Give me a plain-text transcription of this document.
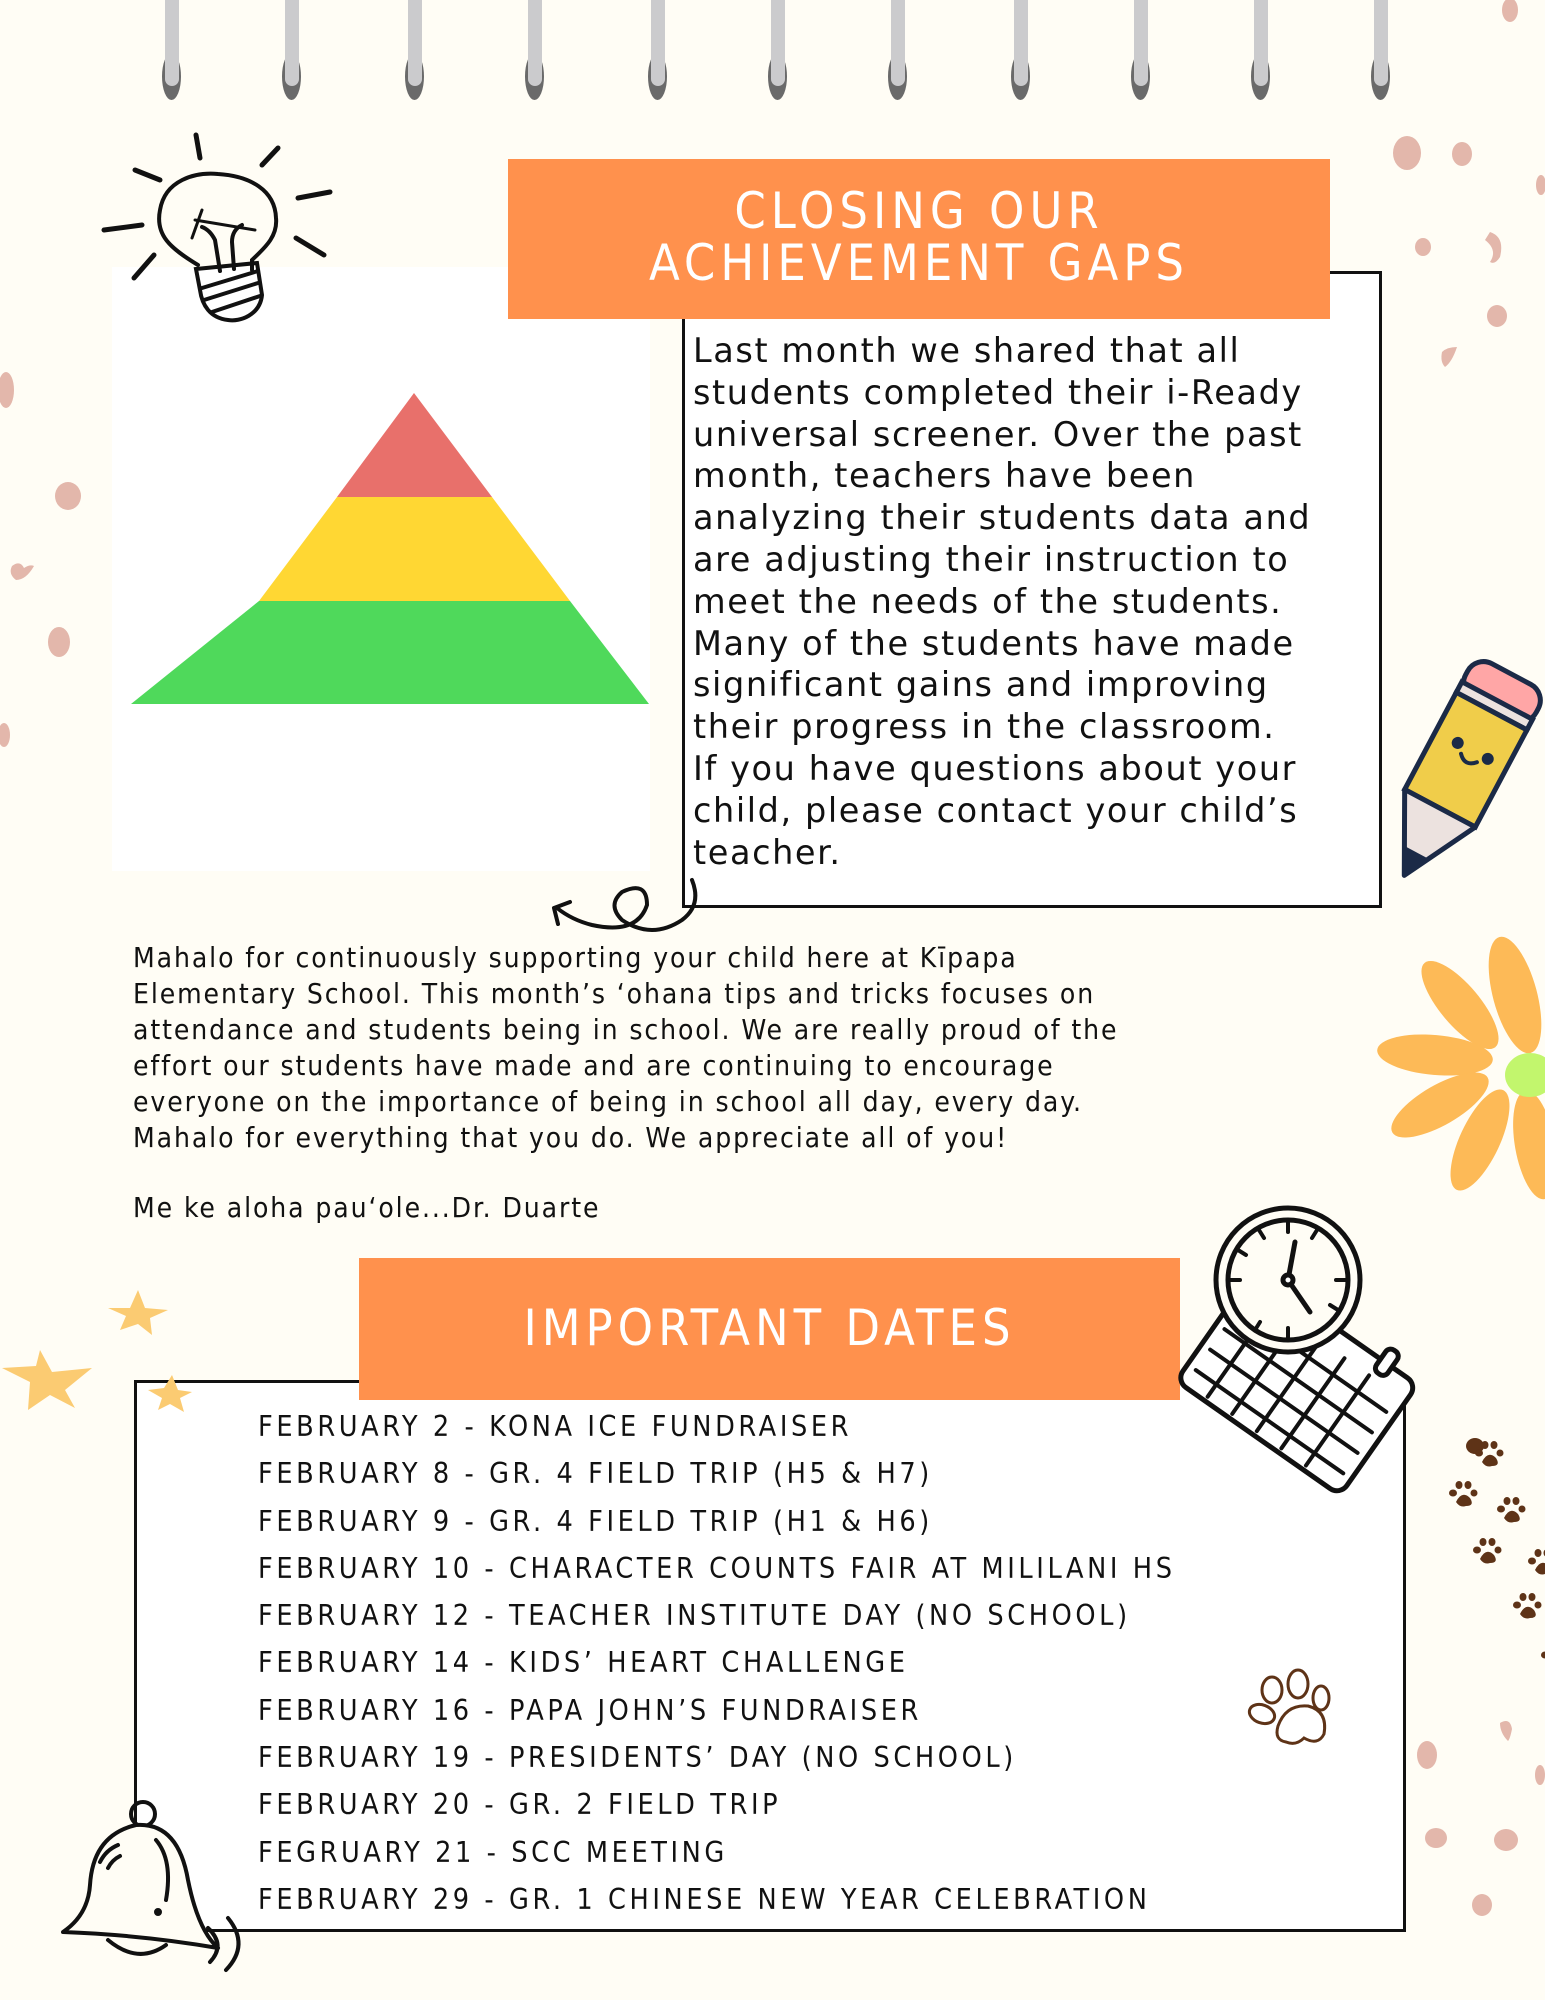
CLOSING OUR
ACHIEVEMENT GAPS
Last month we shared that all
students completed their i-Ready
universal screener. Over the past
month, teachers have been
analyzing their students data and
are adjusting their instruction to
meet the needs of the students.
Many of the students have made
significant gains and improving
their progress in the classroom.
If you have questions about your
child, please contact your child’s
teacher.

Mahalo for continuously supporting your child here at Kīpapa

Elementary School. This month’s ‘ohana tips and tricks focuses on

attendance and students being in school. We are really proud of the

effort our students have made and are continuing to encourage

everyone on the importance of being in school all day, every day.

Mahalo for everything that you do. We appreciate all of you!

Me ke aloha pau‘ole...Dr. Duarte
IMPORTANT DATES
FEBRUARY 2 - KONA ICE FUNDRAISER
FEBRUARY 8 - GR. 4 FIELD TRIP (H5 & H7)
FEBRUARY 9 - GR. 4 FIELD TRIP (H1 & H6)
FEBRUARY 10 - CHARACTER COUNTS FAIR AT MILILANI HS
FEBRUARY 12 - TEACHER INSTITUTE DAY (NO SCHOOL)
FEBRUARY 14 - KIDS’ HEART CHALLENGE
FEBRUARY 16 - PAPA JOHN’S FUNDRAISER
FEBRUARY 19 - PRESIDENTS’ DAY (NO SCHOOL)
FEBRUARY 20 - GR. 2 FIELD TRIP
FEGRUARY 21 - SCC MEETING
FEBRUARY 29 - GR. 1 CHINESE NEW YEAR CELEBRATION
